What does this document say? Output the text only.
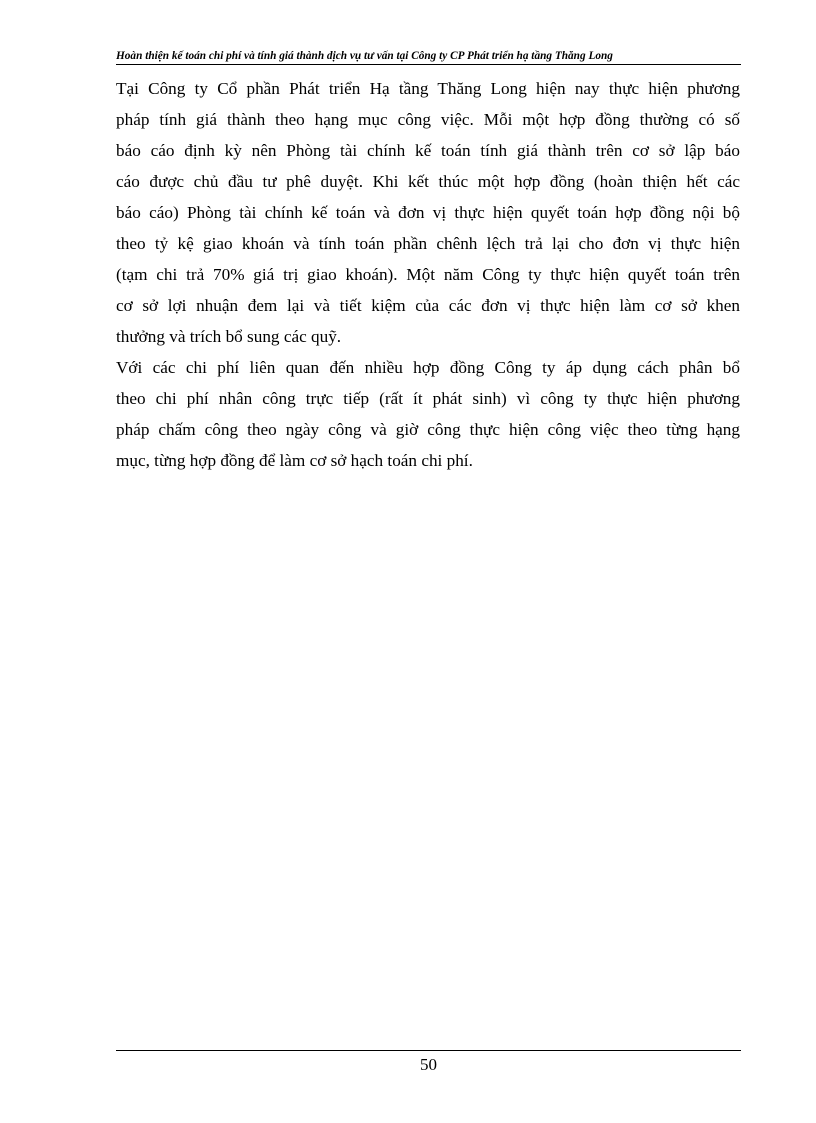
Hoàn thiện kế toán chi phí và tính giá thành dịch vụ tư vấn tại Công ty CP Phát triển hạ tầng Thăng Long
Tại Công ty Cổ phần Phát triển Hạ tầng Thăng Long hiện nay thực hiện phương
pháp tính giá thành theo hạng mục công việc. Mỗi một hợp đồng thường có số
báo cáo định kỳ nên Phòng tài chính kế toán tính giá thành trên cơ sở lập báo
cáo được chủ đầu tư phê duyệt. Khi kết thúc một hợp đồng (hoàn thiện hết các
báo cáo) Phòng tài chính kế toán và đơn vị thực hiện quyết toán hợp đồng nội bộ
theo tỷ kệ giao khoán và tính toán phần chênh lệch trả lại cho đơn vị thực hiện
(tạm chi trả 70% giá trị giao khoán). Một năm Công ty thực hiện quyết toán trên
cơ sở lợi nhuận đem lại và tiết kiệm của các đơn vị thực hiện làm cơ sở khen
thưởng và trích bổ sung các quỹ.
Với các chi phí liên quan đến nhiều hợp đồng Công ty áp dụng cách phân bổ
theo chi phí nhân công trực tiếp (rất ít phát sinh) vì công ty thực hiện phương
pháp chấm công theo ngày công và giờ công thực hiện công việc theo từng hạng
mục, từng hợp đồng để làm cơ sở hạch toán chi phí.
50
